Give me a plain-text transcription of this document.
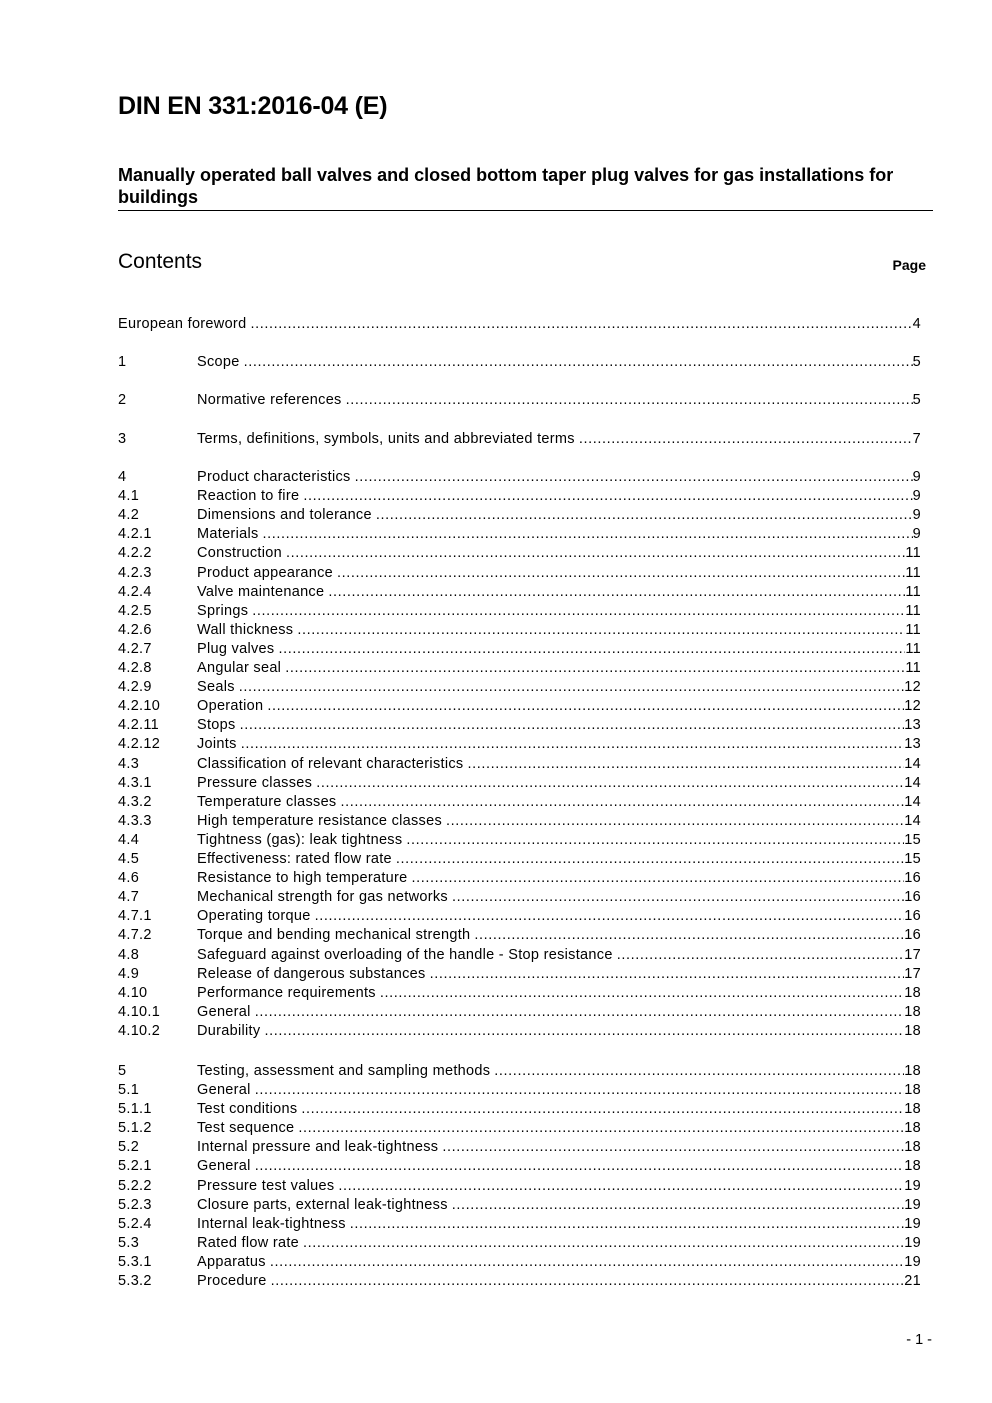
DIN EN 331:2016-04 (E)
Manually operated ball valves and closed bottom taper plug valves for gas installations for buildings
Contents	Page
European foreword .....	4
1	Scope .....	5
2	Normative references .....	5
3	Terms, definitions, symbols, units and abbreviated terms .....	7
4	Product characteristics .....	9
4.1	Reaction to fire .....	9
4.2	Dimensions and tolerance .....	9
4.2.1	Materials .....	9
4.2.2	Construction .....	11
4.2.3	Product appearance .....	11
4.2.4	Valve maintenance .....	11
4.2.5	Springs .....	11
4.2.6	Wall thickness .....	11
4.2.7	Plug valves .....	11
4.2.8	Angular seal .....	11
4.2.9	Seals .....	12
4.2.10	Operation .....	12
4.2.11	Stops .....	13
4.2.12	Joints .....	13
4.3	Classification of relevant characteristics .....	14
4.3.1	Pressure classes .....	14
4.3.2	Temperature classes .....	14
4.3.3	High temperature resistance classes .....	14
4.4	Tightness (gas): leak tightness .....	15
4.5	Effectiveness: rated flow rate .....	15
4.6	Resistance to high temperature .....	16
4.7	Mechanical strength for gas networks .....	16
4.7.1	Operating torque .....	16
4.7.2	Torque and bending mechanical strength .....	16
4.8	Safeguard against overloading of the handle - Stop resistance .....	17
4.9	Release of dangerous substances .....	17
4.10	Performance requirements .....	18
4.10.1	General .....	18
4.10.2	Durability .....	18
5	Testing, assessment and sampling methods .....	18
5.1	General .....	18
5.1.1	Test conditions .....	18
5.1.2	Test sequence .....	18
5.2	Internal pressure and leak-tightness .....	18
5.2.1	General .....	18
5.2.2	Pressure test values .....	19
5.2.3	Closure parts, external leak-tightness .....	19
5.2.4	Internal leak-tightness .....	19
5.3	Rated flow rate .....	19
5.3.1	Apparatus .....	19
5.3.2	Procedure .....	21
- 1 -
